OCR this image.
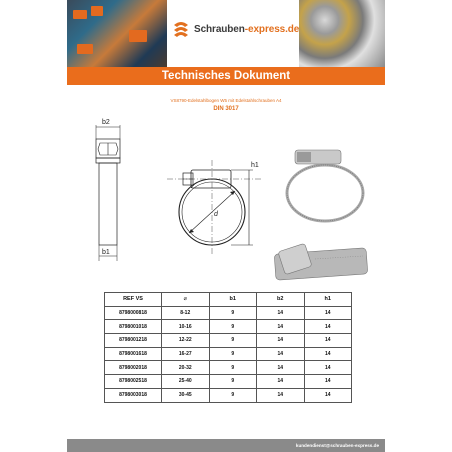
Schrauben-express.de
Technisches Dokument
VS8790-Edelstahlbogen W5 mit Edelstahlschrauben A4
DIN 3017
b2
b1
d
h1
REF VS	⌀	b1	b2	h1
8798000818	8-12	9	14	14
8798001018	10-16	9	14	14
8798001218	12-22	9	14	14
8798001618	16-27	9	14	14
8798002018	20-32	9	14	14
8798002518	25-40	9	14	14
8798003018	30-45	9	14	14
kundendienst@schrauben-express.de
